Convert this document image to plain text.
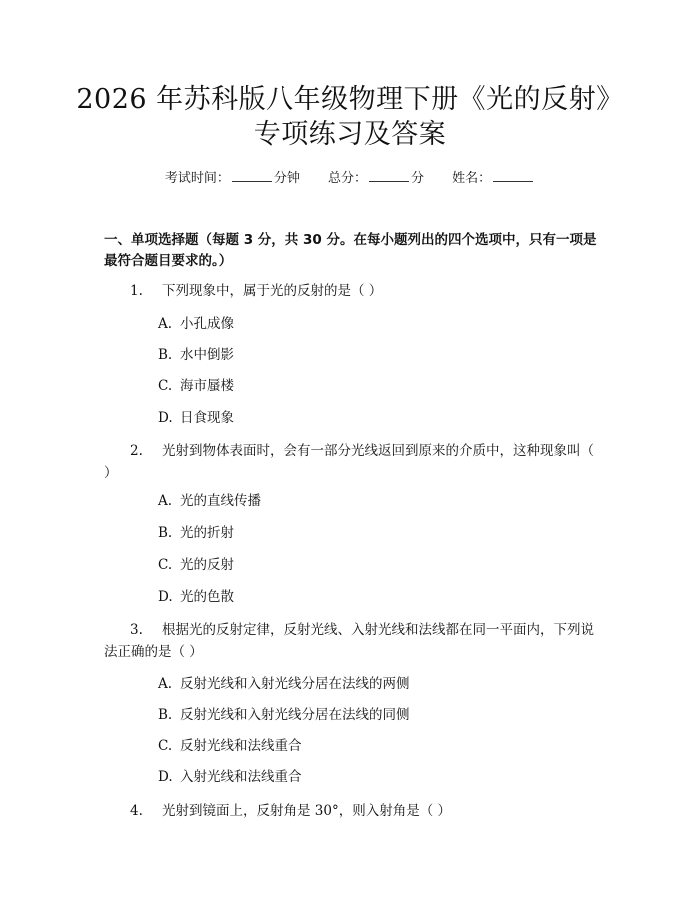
2026 年苏科版八年级物理下册《光的反射》
专项练习及答案
考试时间：	分钟 总分：	分 姓名：
一、单项选择题（每题 3 分，共 30 分。在每小题列出的四个选项中，只有一项是最符合题目要求的。）
1. 下列现象中，属于光的反射的是（ ）
A. 小孔成像
B. 水中倒影
C. 海市蜃楼
D. 日食现象
2. 光射到物体表面时，会有一部分光线返回到原来的介质中，这种现象叫（ ）
A. 光的直线传播
B. 光的折射
C. 光的反射
D. 光的色散
3. 根据光的反射定律，反射光线、入射光线和法线都在同一平面内，下列说法正确的是（ ）
A. 反射光线和入射光线分居在法线的两侧
B. 反射光线和入射光线分居在法线的同侧
C. 反射光线和法线重合
D. 入射光线和法线重合
4. 光射到镜面上，反射角是 30°，则入射角是（ ）
